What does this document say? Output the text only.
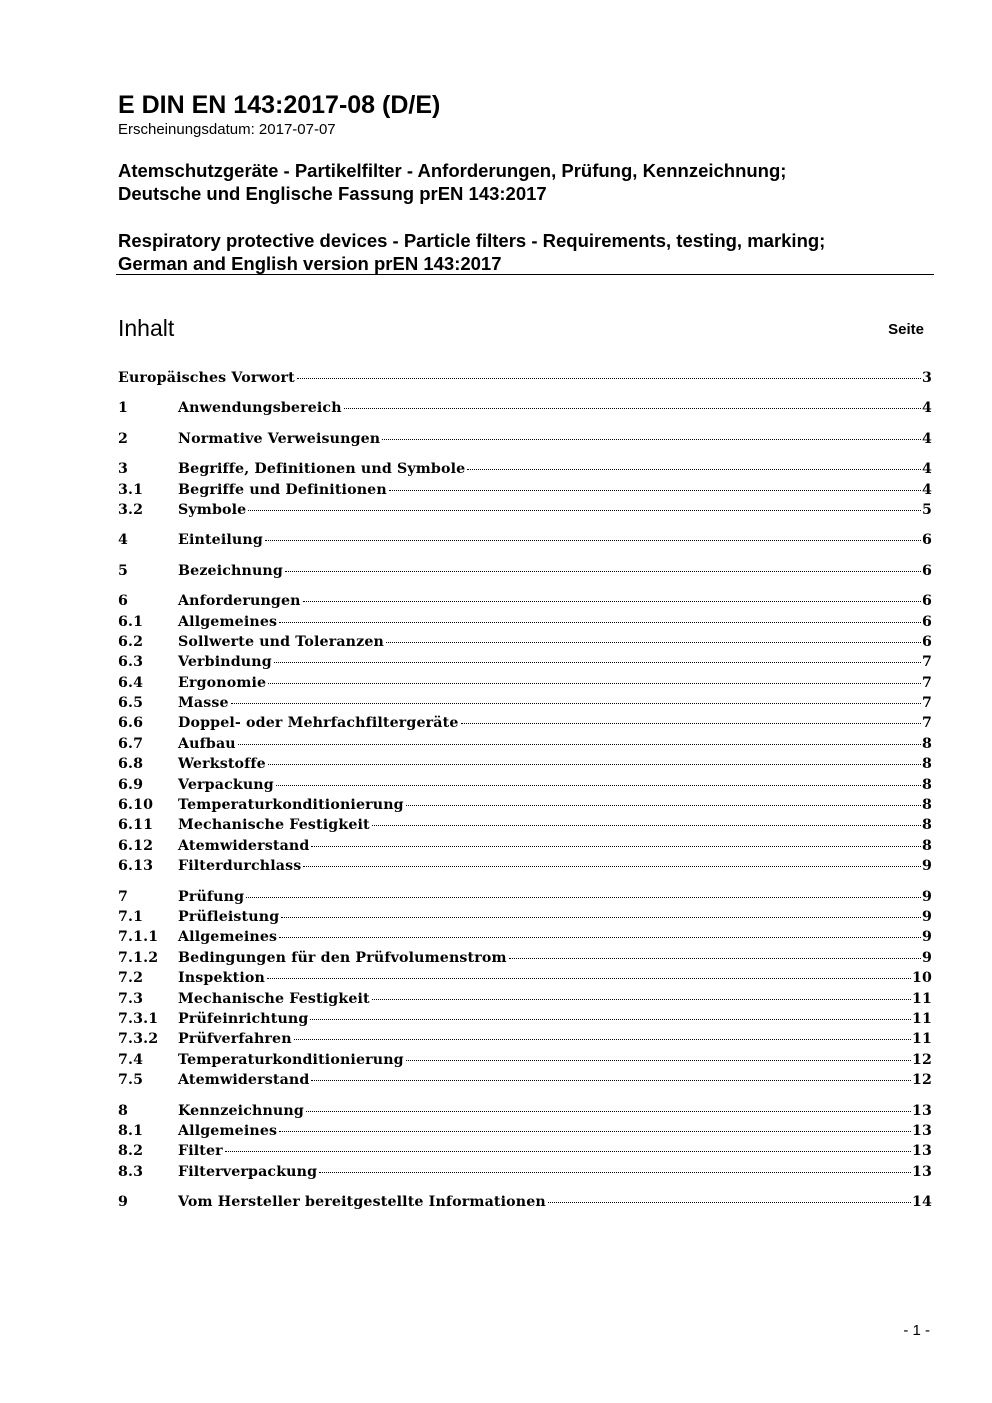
E DIN EN 143:2017-08 (D/E)
Erscheinungsdatum: 2017-07-07
Atemschutzgeräte - Partikelfilter - Anforderungen, Prüfung, Kennzeichnung;
Deutsche und Englische Fassung prEN 143:2017
Respiratory protective devices - Particle filters - Requirements, testing, marking;
German and English version prEN 143:2017
Inhalt	Seite
Europäisches Vorwort	3
1	Anwendungsbereich	4
2	Normative Verweisungen	4
3	Begriffe, Definitionen und Symbole	4
3.1	Begriffe und Definitionen	4
3.2	Symbole	5
4	Einteilung	6
5	Bezeichnung	6
6	Anforderungen	6
6.1	Allgemeines	6
6.2	Sollwerte und Toleranzen	6
6.3	Verbindung	7
6.4	Ergonomie	7
6.5	Masse	7
6.6	Doppel- oder Mehrfachfiltergeräte	7
6.7	Aufbau	8
6.8	Werkstoffe	8
6.9	Verpackung	8
6.10	Temperaturkonditionierung	8
6.11	Mechanische Festigkeit	8
6.12	Atemwiderstand	8
6.13	Filterdurchlass	9
7	Prüfung	9
7.1	Prüfleistung	9
7.1.1	Allgemeines	9
7.1.2	Bedingungen für den Prüfvolumenstrom	9
7.2	Inspektion	10
7.3	Mechanische Festigkeit	11
7.3.1	Prüfeinrichtung	11
7.3.2	Prüfverfahren	11
7.4	Temperaturkonditionierung	12
7.5	Atemwiderstand	12
8	Kennzeichnung	13
8.1	Allgemeines	13
8.2	Filter	13
8.3	Filterverpackung	13
9	Vom Hersteller bereitgestellte Informationen	14
- 1 -
